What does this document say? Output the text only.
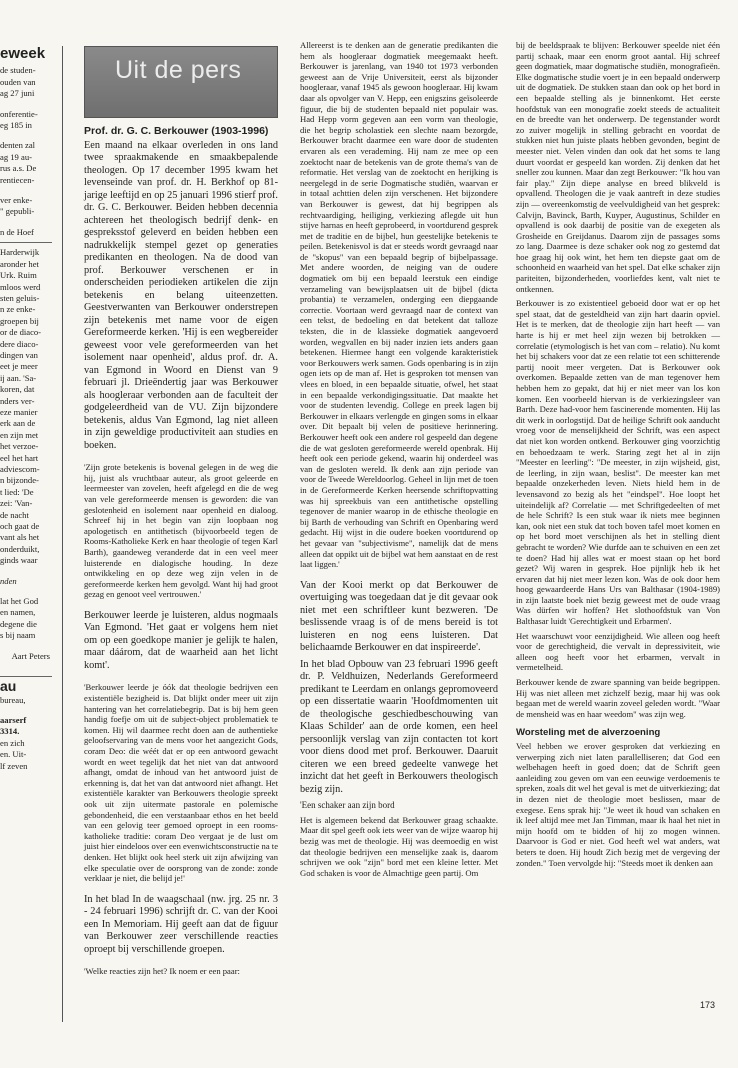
eweek
de studen-
ouden van
ag 27 juni
onferentie-
eg 185 in
denten zal
ag 19 au-
rus a.s. De
rentiecen-
ver enke-
" gepubli-
n de Hoef
Harderwijk
aronder het
Urk. Ruim
mloos werd
sten geluis-
n ze enke-
groepen bij
or de diaco-
dere diaco-
dingen van
eet je meer
ij aan. 'Sa-
koren, dat
nders ver-
eze manier
erk aan de
en zijn met
het verzoe-
eel het hart
adviescom-
n bijzonde-
t lied: 'De
zei: 'Van-
de nacht
och gaat de
vant als het
onderduikt,
ginds waar
nden
lat het God
en namen,
degene die
s bij naam
Aart Peters
au
bureau,
aarserf
3314.
en zich
en. Uit-
lf zeven
Uit de pers
Prof. dr. G. C. Berkouwer (1903-1996)

Een maand na elkaar overleden in ons land twee spraakmakende en smaakbepalende theologen. Op 17 december 1995 kwam het levenseinde van prof. dr. H. Berkhof op 81-jarige leeftijd en op 25 januari 1996 stierf prof. dr. G. C. Berkouwer. Beiden hebben decennia achtereen het theologisch bedrijf denk- en gespreksstof geleverd en beiden hebben een nadrukkelijk stempel gezet op generaties predikanten en theologen. Na de dood van prof. Berkouwer verschenen er in onderscheiden periodieken artikelen die zijn betekenis en belang uiteenzetten. Geestverwanten van Berkouwer onderstrepen zijn betekenis met name voor de eigen Gereformeerde kerken. 'Hij is een wegbereider geweest voor vele gereformeerden van het isolement naar openheid', aldus prof. dr. A. van Egmond in Woord en Dienst van 9 februari jl. Drieëndertig jaar was Berkouwer als hoogleraar verbonden aan de faculteit der godgeleerdheid van de VU. Zijn bijzondere betekenis, aldus Van Egmond, lag niet alleen in zijn geweldige productiviteit aan studies en boeken.

'Zijn grote betekenis is bovenal gelegen in de weg die hij, juist als vruchtbaar auteur, als groot geleerde en leermeester van zovelen, heeft afgelegd en die de weg van vele gereformeerde mensen is geworden: die van geslotenheid en isolement naar openheid en dialoog. Schreef hij in het begin van zijn loopbaan nog apologetisch en antithetisch (bijvoorbeeld tegen de Rooms-Katholieke Kerk en haar theologie of tegen Karl Barth), gaandeweg veranderde dat in een veel meer luisterende en dialogische houding. In deze ontwikkeling en op deze weg zijn velen in de gereformeerde kerken hem gevolgd. Want hij had groot gezag en genoot veel vertrouwen.'

Berkouwer leerde je luisteren, aldus nogmaals Van Egmond. 'Het gaat er volgens hem niet om op een goedkope manier je gelijk te halen, maar dáárom, dat de waarheid aan het licht komt'.

'Berkouwer leerde je óók dat theologie bedrijven een existentiële bezigheid is. Dat blijkt onder meer uit zijn hantering van het correlatiebegrip. Dat is bij hem geen handig foefje om uit de subject-object problematiek te komen. Hij wil daarmee recht doen aan de authentieke geloofservaring van de mens voor het aangezicht Gods, coram Deo: die wéét dat er op een antwoord gewacht wordt en weet tegelijk dat het niet van dat antwoord afhangt, omdat de inhoud van het antwoord juist de erkenning is, dat het van dat antwoord niet afhangt. Het existentiële karakter van Berkouwers theologie spreekt ook uit zijn uitermate pastorale en polemische gebondenheid, die een verstaanbaar ethos en het beeld van een gelovig teer gemoed oproept in een rooms-katholieke traditie: coram Deo vergaat je de lust om juist hier eindeloos over een evenwichtsconstructie na te denken. Het blijkt ook heel sterk uit zijn afwijzing van elke speculatie over de oorsprong van de zonde: zonde verklaar je niet, die belijd je!'

In het blad In de waagschaal (nw. jrg. 25 nr. 3 - 24 februari 1996) schrijft dr. C. van der Kooi een In Memoriam. Hij geeft aan dat de figuur van Berkouwer zeer verschillende reacties oproept bij verschillende groepen.

'Welke reacties zijn het? Ik noem er een paar:

Allereerst is te denken aan de generatie predikanten die hem als hoogleraar dogmatiek meegemaakt heeft. Berkouwer is jarenlang, van 1940 tot 1973 verbonden geweest aan de Vrije Universiteit, eerst als bijzonder hoogleraar, vanaf 1945 als gewoon hoogleraar. Hij kwam daar als opvolger van V. Hepp, een enigszins geïsoleerde figuur, die bij de studenten bepaald niet populair was. Had Hepp vorm gegeven aan een vorm van theologie, die het begrip scholastiek een slechte naam bezorgde, Berkouwer bracht daarmee een ware door de studenten ervaren als een verademing. Hij nam ze mee op een zoektocht naar de betekenis van de grote thema's van de reformatie. Het verslag van de zoektocht en herijking is neergelegd in de serie Dogmatische studiën, waarvan er in totaal achttien delen zijn verschenen. Het bijzondere van Berkouwer is gewest, dat hij begrippen als rechtvaardiging, heiliging, verkiezing aflegde uit hun stijve harnas en heeft geprobeerd, in voortdurend gesprek met de traditie en de bijbel, hun geestelijke betekenis te peilen. Betekenisvol is dat er steeds wordt gevraagd naar de "skopus" van een bepaald begrip of bijbelpassage. Met andere woorden, de neiging van de oudere dogmatiek om bij een bepaald leerstuk een eindige verzameling van bewijsplaatsen uit de bijbel (dicta probantia) te verzamelen, onderging een diepgaande correctie. Voortaan werd gevraagd naar de context van een tekst, de bedoeling en dat betekent dat talloze teksten, die in de klassieke dogmatiek aangevoerd worden, wegvallen en bij nader inzien iets anders gaan betekenen. Hiermee hangt een volgende karakteristiek voor Berkouwers werk samen. Gods openbaring is in zijn ogen iets op de man af. Het is gesproken tot mensen van vlees en bloed, in een bepaalde situatie, ofwel, het staat in een bepaalde verkondigingssituatie. Dat maakte het voor de studenten levendig. College en preek lagen bij Berkouwer in elkaars verlengde en gingen soms in elkaar over. Dit bepaalt bij velen de positieve herinnering. Berkouwer heeft ook een andere rol gespeeld dan degene die de wat gesloten gereformeerde wereld openbrak. Hij heeft ook een periode gekend, waarin hij onderdeel was van de gesloten wereld. Ik denk aan zijn periode van voor de Tweede Wereldoorlog. Geheel in lijn met de toen in de Gereformeerde Kerken heersende schriftopvatting was hij spreekbuis van een antithetische opstelling tegenover de manier waarop in de ethische theologie en bij Barth de verhouding van Schrift en Openbaring werd gedacht. Hij wijst in die oudere boeken voortdurend op het gevaar van "subjectivisme", namelijk dat de mens alleen dat oppikt uit de bijbel wat hem aanstaat en de rest laat liggen.'

Van der Kooi merkt op dat Berkouwer de overtuiging was toegedaan dat je dit gevaar ook niet met een schriftleer kunt bezweren. 'De beslissende vraag is of de mens bereid is tot luisteren en nog eens luisteren. Dat belichaamde Berkouwer en dat inspireerde'.

In het blad Opbouw van 23 februari 1996 geeft dr. P. Veldhuizen, Nederlands Gereformeerd predikant te Leerdam en onlangs gepromoveerd op een dissertatie waarin 'Hoofdmomenten uit de theologische geschiedbeschouwing van Klaas Schilder' aan de orde komen, een heel persoonlijk verslag van zijn contacten tot kort voor diens dood met prof. Berkouwer. Daaruit citeren we een breed gedeelte vanwege het inzicht dat het geeft in Berkouwers theologisch bezig zijn.

'Een schaker aan zijn bord

Het is algemeen bekend dat Berkouwer graag schaakte. Maar dit spel geeft ook iets weer van de wijze waarop hij bezig was met de theologie. Hij was deemoedig en wist dat theologie bedrijven een menselijke zaak is, daarom schrijven we ook "zijn" bord met een kleine letter. Met God schaken is voor de Almachtige geen partij. Om

bij de beeldspraak te blijven: Berkouwer speelde niet één partij schaak, maar een enorm groot aantal. Hij schreef geen dogmatiek, maar dogmatische studiën, monografieën. Elke dogmatische studie voert je in een bepaald onderwerp uit de dogmatiek. De stukken staan dan ook op het bord in een bepaalde stelling als je binnenkomt. Het eerste hoofdstuk van een monografie zoekt steeds de actualiteit en de breedte van het onderwerp. De tegenstander wordt zo zuiver mogelijk in stelling gebracht en voordat de stukken niet hun juiste plaats hebben gevonden, begint de meester niet. Velen vinden dan ook dat het soms te lang duurt voordat er gespeeld kan worden. Zij denken dat het sneller zou kunnen. Maar dan zegt Berkouwer: "Ik hou van fair play." Zijn diepe analyse en breed blikveld is opvallend. Theologen die je vaak aantreft in deze studies zijn — overeenkomstig de veelvuldigheid van het gesprek: Calvijn, Bavinck, Barth, Kuyper, Augustinus, Schilder en opvallend is ook daarbij de positie van de exegeten als Grosheide en Greijdanus. Daarom zijn de passages soms zo lang. Daarmee is deze schaker ook nog zo gestemd dat hoe graag hij ook wint, het hem ten diepste gaat om de schoonheid en waarheid van het spel. Dat elke schaker zijn pariteiten, bijzonderheden, voorliefdes kent, valt niet te ontkennen.

Berkouwer is zo existentieel geboeid door wat er op het spel staat, dat de gesteldheid van zijn hart daarin opviel. Het is te merken, dat de theologie zijn hart heeft — van harte is hij er met heel zijn wezen bij betrokken — correlatie (etymologisch is het van com – relatio). Nu komt het bij schakers voor dat ze een relatie tot een schitterende partij nooit meer vergeten. Dat is Berkouwer ook overkomen. Bepaalde zetten van de man tegenover hem hebben hem zo gepakt, dat hij er niet meer van los kon komen. Een voorbeeld hiervan is de verkiezingsleer van Barth. Deze had-voor hem fascinerende momenten. Hij las dit werk in oorlogstijd. Dat de heilige Schrift ook aanducht vroeg voor de menselijkheid der Schrift, was een aspect dat niet kon worden ontkend. Berkouwer ging voorzichtig en behoedzaam te werk. Staring zegt het al in zijn "Meester en leerling": "De meester, in zijn wijsheid, gist, de leerling, in zijn waan, beslist". De meester kan met bepaalde onzekerheden leven. Niets hield hem in de levensavond zo bezig als het "eindspel". Hoe loopt het uiteindelijk af? Correlatie — met Schriftgedeelten of met de hele Schrift? Is een stuk waar ik niets mee beginnen kan, ook niet een stuk dat toch boven tafel moet komen en op het bord moet verschijnen als het in stelling dient gebracht te worden? Wie durfde aan te schuiven en een zet te doen? Had hij alles wat er moest staan op het bord gezet? Wij waren in gesprek. Hoe pijnlijk heb ik het ervaren dat hij niet meer lezen kon. Was de ook door hem hoog gewaardeerde Hans Urs van Balthasar (1904-1989) in zijn laatste boek niet bezig geweest met de oude vraag Was dürfen wir hoffen? Het slothoofdstuk van Von Balthasar luidt 'Gerechtigkeit und Erbarmen'.

Het waarschuwt voor eenzijdigheid. Wie alleen oog heeft voor de gerechtigheid, die vervalt in depressiviteit, wie alleen oog heeft voor het erbarmen, vervalt in vermetelheid.

Berkouwer kende de zware spanning van beide begrippen. Hij was niet alleen met zichzelf bezig, maar hij was ook begaan met de wereld waarin zoveel geleden wordt. "Waar de mensheid was en haar weedom" was zijn weg.

Worsteling met de alverzoening

Veel hebben we erover gesproken dat verkiezing en verwerping zich niet laten parallelliseren; dat God een welbehagen heeft in goed doen; dat de Schrift geen aanleiding zou geven om van een eeuwige verdoemenis te spreken, zoals dit wel het geval is met de uitverkiezing; dat in dezen niet de theologie moet beslissen, maar de exegese. Eens sprak hij: "Je weet ik houd van schaken en ik leef altijd mee met Jan Timman, maar ik haal het niet in mijn hoofd om te bidden of hij zo mogen winnen. Daarvoor is God er niet. God heeft wel wat anders, wat beters te doen. Hij houdt Zich bezig met de vergeving der zonden." Toen vervolgde hij: "Steeds moet ik denken aan

173
